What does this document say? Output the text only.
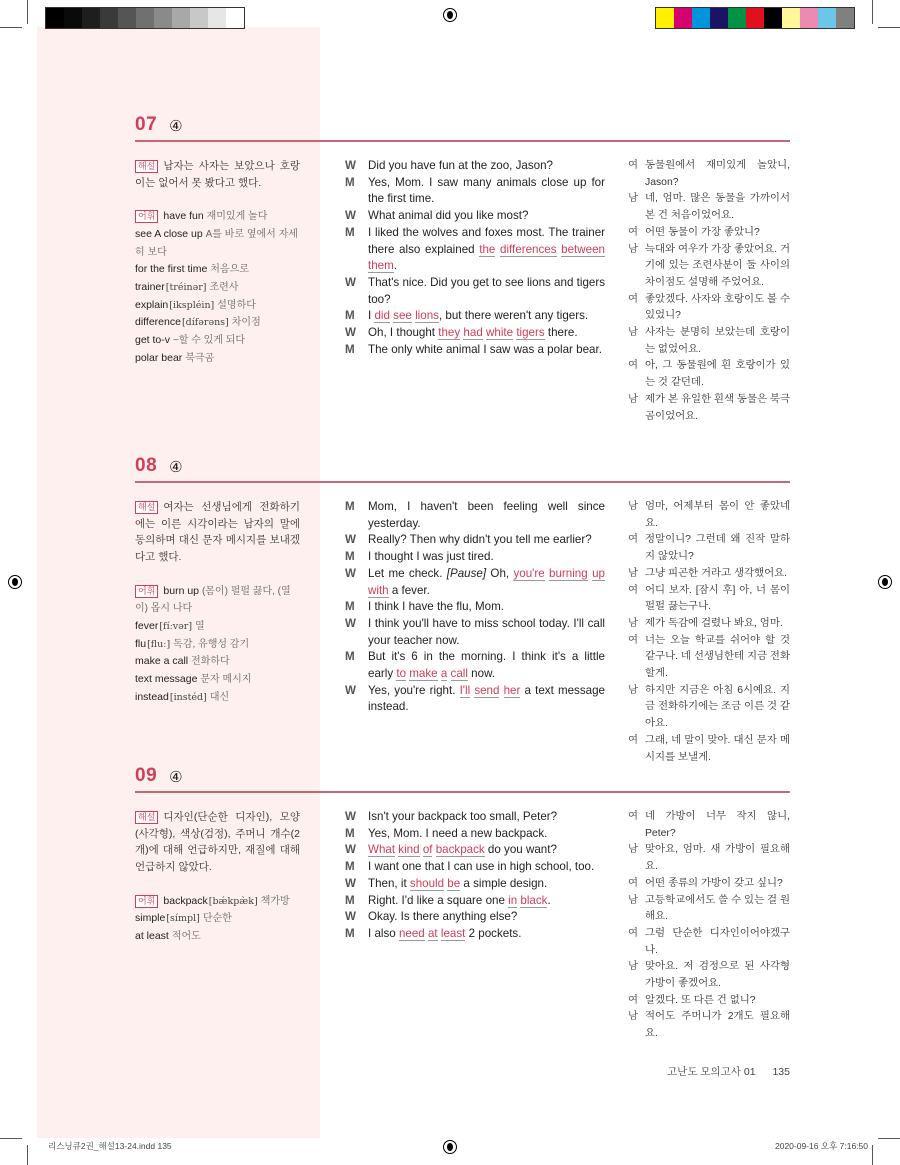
07 ④
해설 남자는 사자는 보았으나 호랑이는 없어서 못 봤다고 했다.
어휘 have fun 재미있게 놀다
see A close up A를 바로 옆에서 자세히 보다
for the first time 처음으로
trainer[tréinər] 조련사
explain[ikspléin] 설명하다
difference[dífərəns] 차이점
get to-v ~할 수 있게 되다
polar bear 북극곰
W	Did you have fun at the zoo, Jason?
M	Yes, Mom. I saw many animals close up for the first time.
W	What animal did you like most?
M	I liked the wolves and foxes most. The trainer there also explained the differences between them.
W	That's nice. Did you get to see lions and tigers too?
M	I did see lions, but there weren't any tigers.
W	Oh, I thought they had white tigers there.
M	The only white animal I saw was a polar bear.
여 동물원에서 재미있게 놀았니, Jason?
남 네, 엄마. 많은 동물을 가까이서 본 건 처음이었어요.
여 어떤 동물이 가장 좋았니?
남 늑대와 여우가 가장 좋았어요. 거기에 있는 조련사분이 둘 사이의 차이점도 설명해 주었어요.
여 좋았겠다. 사자와 호랑이도 볼 수 있었니?
남 사자는 분명히 보았는데 호랑이는 없었어요.
여 아, 그 동물원에 흰 호랑이가 있는 것 같던데.
남 제가 본 유일한 흰색 동물은 북극곰이었어요.
08 ④
해설 여자는 선생님에게 전화하기에는 이른 시각이라는 남자의 말에 동의하며 대신 문자 메시지를 보내겠다고 했다.
어휘 burn up (몸이) 펄펄 끓다, (열이) 몹시 나다
fever[fíːvər] 열
flu[fluː] 독감, 유행성 감기
make a call 전화하다
text message 문자 메시지
instead[instéd] 대신
M	Mom, I haven't been feeling well since yesterday.
W	Really? Then why didn't you tell me earlier?
M	I thought I was just tired.
W	Let me check. [Pause] Oh, you're burning up with a fever.
M	I think I have the flu, Mom.
W	I think you'll have to miss school today. I'll call your teacher now.
M	But it's 6 in the morning. I think it's a little early to make a call now.
W	Yes, you're right. I'll send her a text message instead.
남 엄마, 어제부터 몸이 안 좋았네요.
여 정말이니? 그런데 왜 진작 말하지 않았니?
남 그냥 피곤한 거라고 생각했어요.
여 어디 보자. [잠시 후] 아, 너 몸이 펄펄 끓는구나.
남 제가 독감에 걸렸나 봐요, 엄마.
여 너는 오늘 학교를 쉬어야 할 것 같구나. 네 선생님한테 지금 전화할게.
남 하지만 지금은 아침 6시예요. 지금 전화하기에는 조금 이른 것 같아요.
여 그래, 네 말이 맞아. 대신 문자 메시지를 보낼게.
09 ④
해설 디자인(단순한 디자인), 모양(사각형), 색상(검정), 주머니 개수(2개)에 대해 언급하지만, 재질에 대해 언급하지 않았다.
어휘 backpack[bǽkpæ̀k] 책가방
simple[símpl] 단순한
at least 적어도
W	Isn't your backpack too small, Peter?
M	Yes, Mom. I need a new backpack.
W	What kind of backpack do you want?
M	I want one that I can use in high school, too.
W	Then, it should be a simple design.
M	Right. I'd like a square one in black.
W	Okay. Is there anything else?
M	I also need at least 2 pockets.
여 네 가방이 너무 작지 않니, Peter?
남 맞아요, 엄마. 새 가방이 필요해요.
여 어떤 종류의 가방이 갖고 싶니?
남 고등학교에서도 쓸 수 있는 걸 원해요.
여 그럼 단순한 디자인이어야겠구나.
남 맞아요. 저 검정으로 된 사각형 가방이 좋겠어요.
여 알겠다. 또 다른 건 없니?
남 적어도 주머니가 2개도 필요해요.
고난도 모의고사 01 135
리스닝큐2권_해설13-24.indd 135	2020-09-16 오후 7:16:50
